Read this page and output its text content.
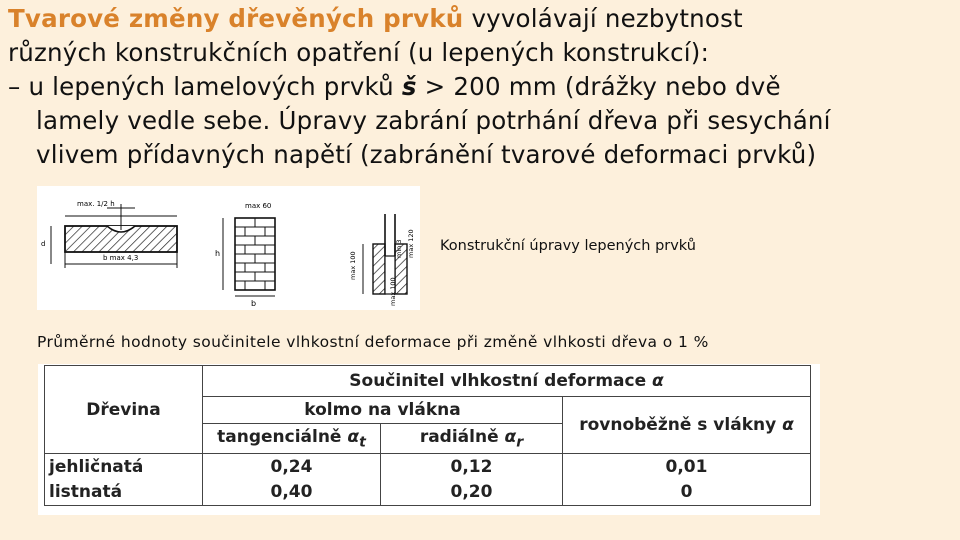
Tvarové změny dřevěných prvků vyvolávají nezbytnost
různých konstrukčních opatření (u lepených konstrukcí):
– u lepených lamelových prvků š > 200 mm (drážky nebo dvě
lamely vedle sebe. Úpravy zabrání potrhání dřeva při sesychání
vlivem přídavných napětí (zabránění tvarové deformaci prvků)
max. 1/2 h
d
b max 4,3
max 60
h
b
max 100
max 120
min 3
max 100
Konstrukční úpravy lepených prvků
Průměrné hodnoty součinitele vlhkostní deformace při změně vlhkosti dřeva o 1 %
Dřevina	Součinitel vlhkostní deformace α		
	kolmo na vlákna		rovnoběžně s vlákny α
	tangenciálně $\alpha_t$	radiálně $\alpha_r$
jehličnatá	0,24	0,12	0,01
listnatá	0,40	0,20	0
